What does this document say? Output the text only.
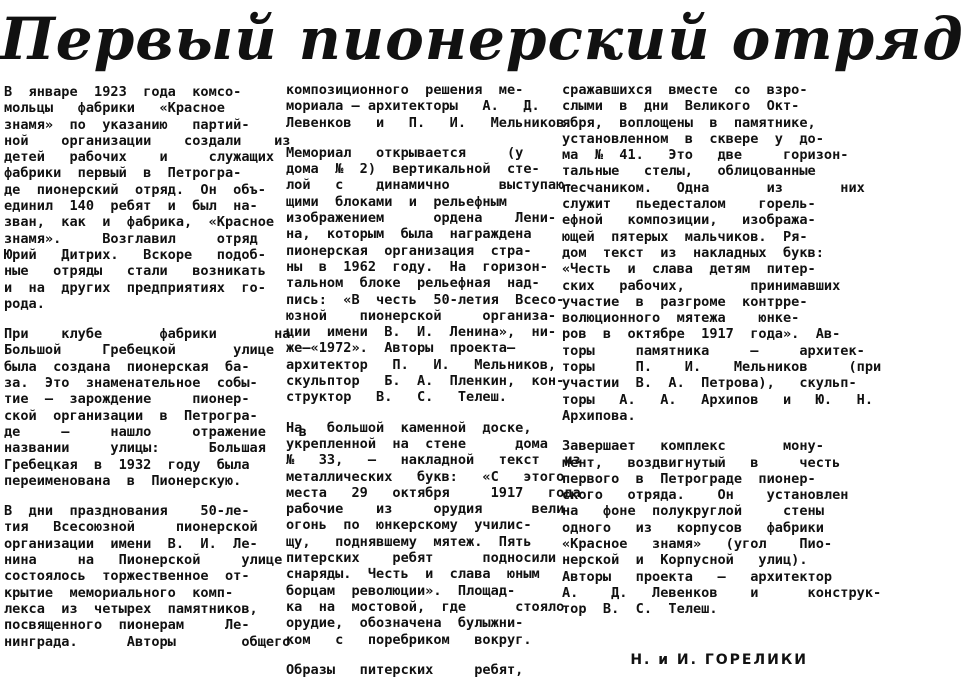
Первый пионерский отряд

В  январе  1923  года  комсо-
мольцы   фабрики   «Красное
знамя»  по  указанию   партий-
ной    организации    создали    из
детей   рабочих    и     служащих
фабрики  первый  в  Петрогра-
де  пионерский  отряд.  Он  объ-
единил  140  ребят  и  был  на-
зван,  как  и  фабрика,  «Красное
знамя».     Возглавил     отряд
Юрий   Дитрих.   Вскоре   подоб-
ные   отряды   стали   возникать
и  на  других  предприятиях  го-
рода.

При    клубе       фабрики       на
Большой     Гребецкой       улице
была  создана  пионерская  ба-
за.  Это  знаменательное  собы-
тие  —  зарождение     пионер-
ской  организации  в  Петрогра-
де     —     нашло     отражение    в
названии     улицы:      Большая
Гребецкая  в  1932  году  была
переименована  в  Пионерскую.

В  дни  празднования    50-ле-
тия   Всесоюзной     пионерской
организации  имени  В.  И.  Ле-
нина     на   Пионерской     улице
состоялось  торжественное  от-
крытие  мемориального  комп-
лекса  из  четырех  памятников,
посвященного  пионерам     Ле-
нинграда.      Авторы        общего

композиционного  решения  ме-
мориала — архитекторы   А.   Д.
Левенков   и   П.   И.   Мельников.

Мемориал   открывается     (у
дома  №  2)  вертикальной  сте-
лой   с    динамично      выступаю-
щими  блоками  и  рельефным
изображением      ордена    Лени-
на,  которым  была  награждена
пионерская  организация  стра-
ны  в  1962  году.  На  горизон-
тальном  блоке  рельефная  над-
пись:  «В  честь  50-летия  Всесо-
юзной    пионерской     организа-
ции  имени  В.  И.  Ленина»,  ни-
же—«1972».  Авторы  проекта—
архитектор   П.   И.   Мельников,
скульптор   Б.  А.  Пленкин,  кон-
структор   В.   С.   Телеш.

На   большой  каменной  доске,
укрепленной  на  стене      дома
№   33,   —   накладной   текст   из
металлических   букв:   «С   этого
места   29   октября     1917   года
рабочие    из     орудия      вели
огонь  по  юнкерскому  училис-
щу,   поднявшему  мятеж.  Пять
питерских    ребят      подносили
снаряды.  Честь  и  слава  юным
борцам  революции».  Площад-
ка  на  мостовой,  где      стояло
орудие,  обозначена  булыжни-
ком   с   поребриком   вокруг.

Образы   питерских     ребят,

сражавшихся  вместе  со  взро-
слыми  в  дни  Великого  Окт-
ября,  воплощены  в  памятнике,
установленном  в  сквере  у  до-
ма  №  41.   Это   две     горизон-
тальные   стелы,   облицованные
песчаником.   Одна       из       них
служит   пьедесталом    горель-
ефной   композиции,   изобража-
ющей  пятерых  мальчиков.  Ря-
дом  текст  из  накладных  букв:
«Честь  и  слава  детям  питер-
ских   рабочих,        принимавших
участие  в  разгроме  контрре-
волюционного  мятежа    юнке-
ров  в  октябре  1917  года».  Ав-
торы     памятника     —     архитек-
торы     П.    И.    Мельников     (при
участии  В.  А.  Петрова),   скульп-
торы   А.   А.   Архипов   и   Ю.   Н.
Архипова.

Завершает   комплекс       мону-
мент,   воздвигнутый   в     честь
первого  в  Петрограде  пионер-
ского   отряда.    Он    установлен
на   фоне  полукруглой     стены
одного   из   корпусов   фабрики
«Красное   знамя»   (угол    Пио-
нерской  и  Корпусной   улиц).
Авторы   проекта   —   архитектор
А.    Д.   Левенков    и      конструк-
тор  В.  С.  Телеш.

Н. и И. ГОРЕЛИКИ
